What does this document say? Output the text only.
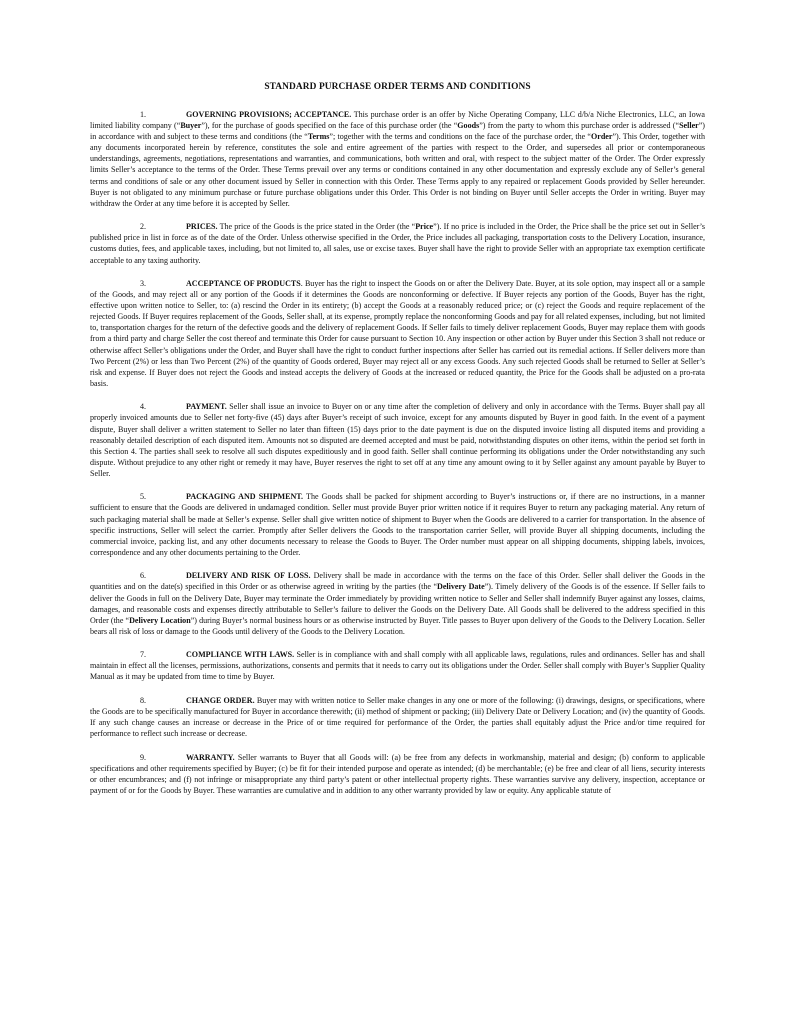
STANDARD PURCHASE ORDER TERMS AND CONDITIONS

1.	GOVERNING PROVISIONS; ACCEPTANCE. This purchase order is an offer by Niche Operating Company, LLC d/b/a Niche Electronics, LLC, an Iowa limited liability company (“Buyer”), for the purchase of goods specified on the face of this purchase order (the “Goods”) from the party to whom this purchase order is addressed (“Seller”) in accordance with and subject to these terms and conditions (the “Terms”; together with the terms and conditions on the face of the purchase order, the “Order”). This Order, together with any documents incorporated herein by reference, constitutes the sole and entire agreement of the parties with respect to the Order, and supersedes all prior or contemporaneous understandings, agreements, negotiations, representations and warranties, and communications, both written and oral, with respect to the subject matter of the Order. The Order expressly limits Seller’s acceptance to the terms of the Order. These Terms prevail over any terms or conditions contained in any other documentation and expressly exclude any of Seller’s general terms and conditions of sale or any other document issued by Seller in connection with this Order. These Terms apply to any repaired or replacement Goods provided by Seller hereunder. Buyer is not obligated to any minimum purchase or future purchase obligations under this Order. This Order is not binding on Buyer until Seller accepts the Order in writing. Buyer may withdraw the Order at any time before it is accepted by Seller.

2.	PRICES. The price of the Goods is the price stated in the Order (the “Price”). If no price is included in the Order, the Price shall be the price set out in Seller’s published price in list in force as of the date of the Order. Unless otherwise specified in the Order, the Price includes all packaging, transportation costs to the Delivery Location, insurance, customs duties, fees, and applicable taxes, including, but not limited to, all sales, use or excise taxes. Buyer shall have the right to provide Seller with an appropriate tax exemption certificate acceptable to any taxing authority.

3.	ACCEPTANCE OF PRODUCTS. Buyer has the right to inspect the Goods on or after the Delivery Date. Buyer, at its sole option, may inspect all or a sample of the Goods, and may reject all or any portion of the Goods if it determines the Goods are nonconforming or defective. If Buyer rejects any portion of the Goods, Buyer has the right, effective upon written notice to Seller, to: (a) rescind the Order in its entirety; (b) accept the Goods at a reasonably reduced price; or (c) reject the Goods and require replacement of the rejected Goods. If Buyer requires replacement of the Goods, Seller shall, at its expense, promptly replace the nonconforming Goods and pay for all related expenses, including, but not limited to, transportation charges for the return of the defective goods and the delivery of replacement Goods. If Seller fails to timely deliver replacement Goods, Buyer may replace them with goods from a third party and charge Seller the cost thereof and terminate this Order for cause pursuant to Section 10. Any inspection or other action by Buyer under this Section 3 shall not reduce or otherwise affect Seller’s obligations under the Order, and Buyer shall have the right to conduct further inspections after Seller has carried out its remedial actions. If Seller delivers more than Two Percent (2%) or less than Two Percent (2%) of the quantity of Goods ordered, Buyer may reject all or any excess Goods. Any such rejected Goods shall be returned to Seller at Seller’s risk and expense. If Buyer does not reject the Goods and instead accepts the delivery of Goods at the increased or reduced quantity, the Price for the Goods shall be adjusted on a pro-rata basis.

4.	PAYMENT. Seller shall issue an invoice to Buyer on or any time after the completion of delivery and only in accordance with the Terms. Buyer shall pay all properly invoiced amounts due to Seller net forty-five (45) days after Buyer’s receipt of such invoice, except for any amounts disputed by Buyer in good faith. In the event of a payment dispute, Buyer shall deliver a written statement to Seller no later than fifteen (15) days prior to the date payment is due on the disputed invoice listing all disputed items and providing a reasonably detailed description of each disputed item. Amounts not so disputed are deemed accepted and must be paid, notwithstanding disputes on other items, within the period set forth in this Section 4. The parties shall seek to resolve all such disputes expeditiously and in good faith. Seller shall continue performing its obligations under the Order notwithstanding any such dispute. Without prejudice to any other right or remedy it may have, Buyer reserves the right to set off at any time any amount owing to it by Seller against any amount payable by Buyer to Seller.

5.	PACKAGING AND SHIPMENT. The Goods shall be packed for shipment according to Buyer’s instructions or, if there are no instructions, in a manner sufficient to ensure that the Goods are delivered in undamaged condition. Seller must provide Buyer prior written notice if it requires Buyer to return any packaging material. Any return of such packaging material shall be made at Seller’s expense. Seller shall give written notice of shipment to Buyer when the Goods are delivered to a carrier for transportation. In the absence of specific instructions, Seller will select the carrier. Promptly after Seller delivers the Goods to the transportation carrier Seller, will provide Buyer all shipping documents, including the commercial invoice, packing list, and any other documents necessary to release the Goods to Buyer. The Order number must appear on all shipping documents, shipping labels, invoices, correspondence and any other documents pertaining to the Order.

6.	DELIVERY AND RISK OF LOSS. Delivery shall be made in accordance with the terms on the face of this Order. Seller shall deliver the Goods in the quantities and on the date(s) specified in this Order or as otherwise agreed in writing by the parties (the “Delivery Date”). Timely delivery of the Goods is of the essence. If Seller fails to deliver the Goods in full on the Delivery Date, Buyer may terminate the Order immediately by providing written notice to Seller and Seller shall indemnify Buyer against any losses, claims, damages, and reasonable costs and expenses directly attributable to Seller’s failure to deliver the Goods on the Delivery Date. All Goods shall be delivered to the address specified in this Order (the “Delivery Location”) during Buyer’s normal business hours or as otherwise instructed by Buyer. Title passes to Buyer upon delivery of the Goods to the Delivery Location. Seller bears all risk of loss or damage to the Goods until delivery of the Goods to the Delivery Location.

7.	COMPLIANCE WITH LAWS. Seller is in compliance with and shall comply with all applicable laws, regulations, rules and ordinances. Seller has and shall maintain in effect all the licenses, permissions, authorizations, consents and permits that it needs to carry out its obligations under the Order. Seller shall comply with Buyer’s Supplier Quality Manual as it may be updated from time to time by Buyer.

8.	CHANGE ORDER. Buyer may with written notice to Seller make changes in any one or more of the following: (i) drawings, designs, or specifications, where the Goods are to be specifically manufactured for Buyer in accordance therewith; (ii) method of shipment or packing; (iii) Delivery Date or Delivery Location; and (iv) the quantity of Goods. If any such change causes an increase or decrease in the Price of or time required for performance of the Order, the parties shall equitably adjust the Price and/or time required for performance to reflect such increase or decrease.

9.	WARRANTY. Seller warrants to Buyer that all Goods will: (a) be free from any defects in workmanship, material and design; (b) conform to applicable specifications and other requirements specified by Buyer; (c) be fit for their intended purpose and operate as intended; (d) be merchantable; (e) be free and clear of all liens, security interests or other encumbrances; and (f) not infringe or misappropriate any third party’s patent or other intellectual property rights. These warranties survive any delivery, inspection, acceptance or payment of or for the Goods by Buyer. These warranties are cumulative and in addition to any other warranty provided by law or equity. Any applicable statute of
